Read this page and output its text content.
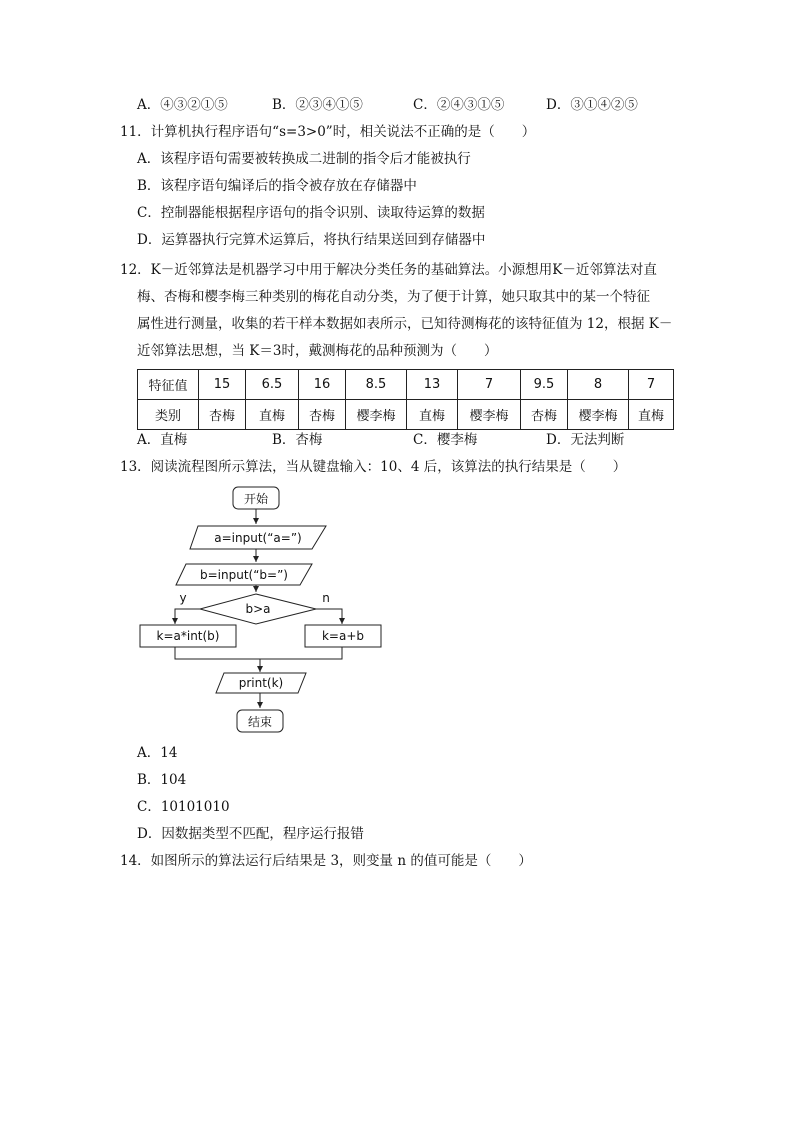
A．④③②①⑤	B．②③④①⑤	C．②④③①⑤	D．③①④②⑤
11．计算机执行程序语句“s=3>0”时，相关说法不正确的是（　　）
A．该程序语句需要被转换成二进制的指令后才能被执行
B．该程序语句编译后的指令被存放在存储器中
C．控制器能根据程序语句的指令识别、读取待运算的数据
D．运算器执行完算术运算后，将执行结果送回到存储器中
12．K－近邻算法是机器学习中用于解决分类任务的基础算法。小源想用K－近邻算法对直
梅、杏梅和樱李梅三种类别的梅花自动分类，为了便于计算，她只取其中的某一个特征
属性进行测量，收集的若干样本数据如表所示，已知待测梅花的该特征值为 12，根据 K－
近邻算法思想，当 K＝3时，戴测梅花的品种预测为（　　）
特征值	15	6.5	16	8.5	13	7	9.5	8	7
类别	杏梅	直梅	杏梅	樱李梅	直梅	樱李梅	杏梅	樱李梅	直梅
A．直梅	B．杏梅	C．樱李梅	D．无法判断
13．阅读流程图所示算法，当从键盘输入：10、4 后，该算法的执行结果是（　　）
开始
a=input(“a=”)
b=input(“b=”)
b>a
y	n
k=a*int(b)	k=a+b
print(k)
结束
A．14
B．104
C．10101010
D．因数据类型不匹配，程序运行报错
14．如图所示的算法运行后结果是 3，则变量 n 的值可能是（　　）
